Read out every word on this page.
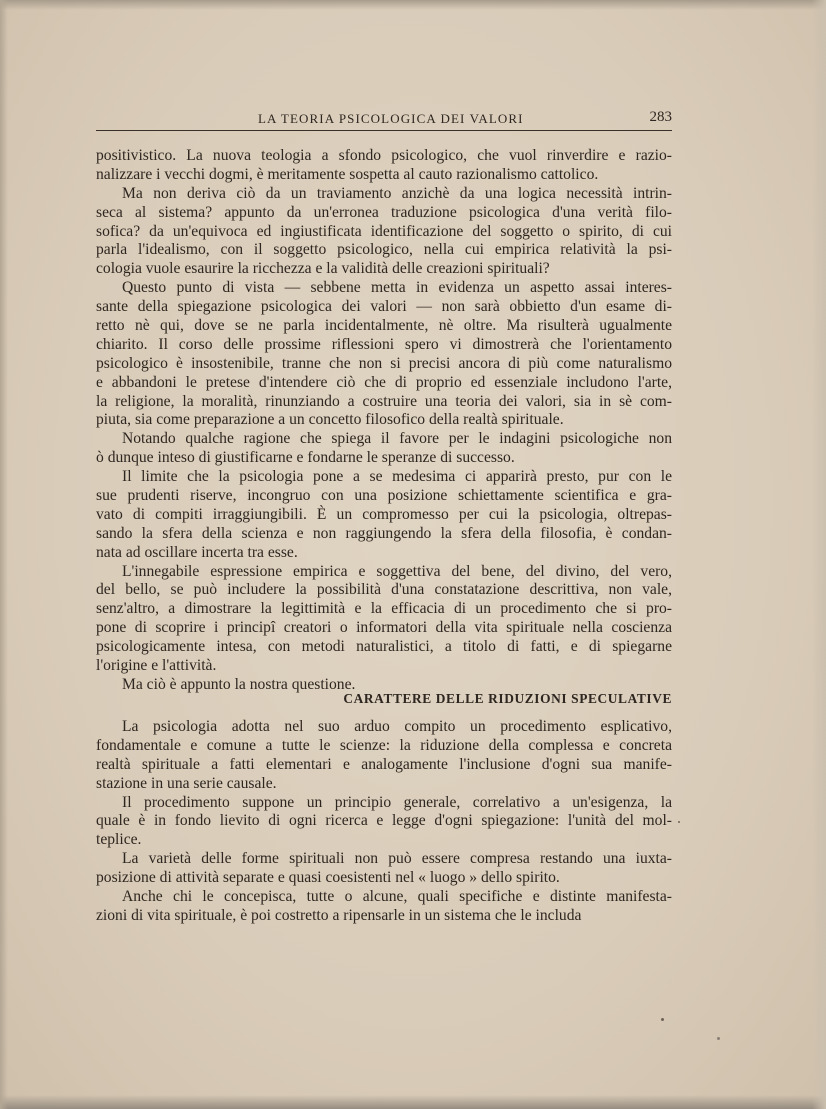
LA TEORIA PSICOLOGICA DEI VALORI	283
positivistico. La nuova teologia a sfondo psicologico, che vuol rinverdire e razio-
nalizzare i vecchi dogmi, è meritamente sospetta al cauto razionalismo cattolico.
Ma non deriva ciò da un traviamento anzichè da una logica necessità intrin-
seca al sistema? appunto da un'erronea traduzione psicologica d'una verità filo-
sofica? da un'equivoca ed ingiustificata identificazione del soggetto o spirito, di cui
parla l'idealismo, con il soggetto psicologico, nella cui empirica relatività la psi-
cologia vuole esaurire la ricchezza e la validità delle creazioni spirituali?
Questo punto di vista — sebbene metta in evidenza un aspetto assai interes-
sante della spiegazione psicologica dei valori — non sarà obbietto d'un esame di-
retto nè qui, dove se ne parla incidentalmente, nè oltre. Ma risulterà ugualmente
chiarito. Il corso delle prossime riflessioni spero vi dimostrerà che l'orientamento
psicologico è insostenibile, tranne che non si precisi ancora di più come naturalismo
e abbandoni le pretese d'intendere ciò che di proprio ed essenziale includono l'arte,
la religione, la moralità, rinunziando a costruire una teoria dei valori, sia in sè com-
piuta, sia come preparazione a un concetto filosofico della realtà spirituale.
Notando qualche ragione che spiega il favore per le indagini psicologiche non
ò dunque inteso di giustificarne e fondarne le speranze di successo.
Il limite che la psicologia pone a se medesima ci apparirà presto, pur con le
sue prudenti riserve, incongruo con una posizione schiettamente scientifica e gra-
vato di compiti irraggiungibili. È un compromesso per cui la psicologia, oltrepas-
sando la sfera della scienza e non raggiungendo la sfera della filosofia, è condan-
nata ad oscillare incerta tra esse.
L'innegabile espressione empirica e soggettiva del bene, del divino, del vero,
del bello, se può includere la possibilità d'una constatazione descrittiva, non vale,
senz'altro, a dimostrare la legittimità e la efficacia di un procedimento che si pro-
pone di scoprire i principî creatori o informatori della vita spirituale nella coscienza
psicologicamente intesa, con metodi naturalistici, a titolo di fatti, e di spiegarne
l'origine e l'attività.
Ma ciò è appunto la nostra questione.
CARATTERE DELLE RIDUZIONI SPECULATIVE
La psicologia adotta nel suo arduo compito un procedimento esplicativo,
fondamentale e comune a tutte le scienze: la riduzione della complessa e concreta
realtà spirituale a fatti elementari e analogamente l'inclusione d'ogni sua manife-
stazione in una serie causale.
Il procedimento suppone un principio generale, correlativo a un'esigenza, la
quale è in fondo lievito di ogni ricerca e legge d'ogni spiegazione: l'unità del mol-
teplice.
La varietà delle forme spirituali non può essere compresa restando una iuxta-
posizione di attività separate e quasi coesistenti nel « luogo » dello spirito.
Anche chi le concepisca, tutte o alcune, quali specifiche e distinte manifesta-
zioni di vita spirituale, è poi costretto a ripensarle in un sistema che le includa
